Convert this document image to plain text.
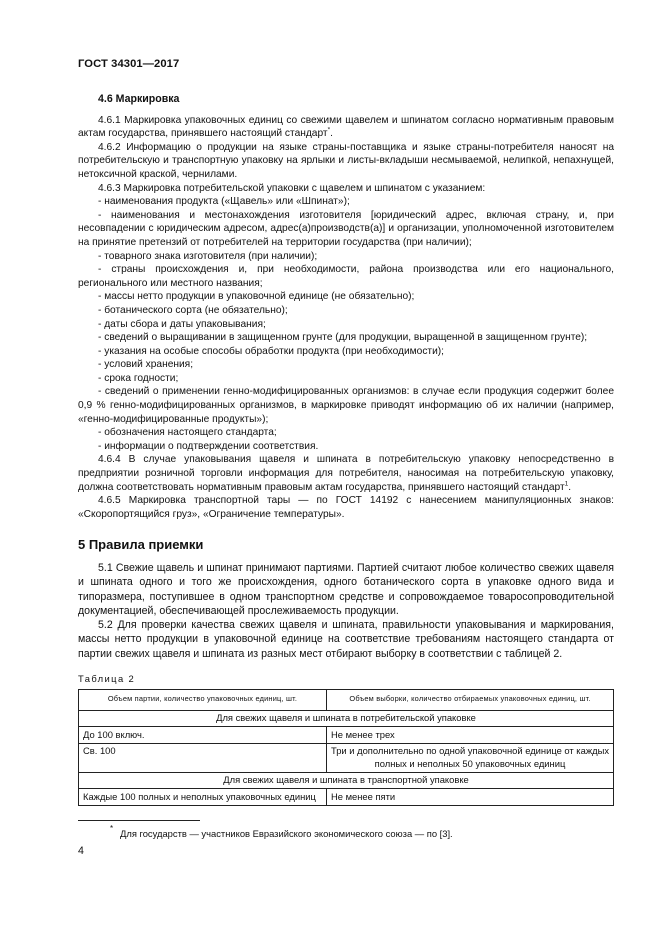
ГОСТ 34301—2017
4.6 Маркировка

4.6.1 Маркировка упаковочных единиц со свежими щавелем и шпинатом согласно нормативным правовым актам государства, принявшего настоящий стандарт*.

4.6.2 Информацию о продукции на языке страны-поставщика и языке страны-потребителя наносят на потребительскую и транспортную упаковку на ярлыки и листы-вкладыши несмываемой, нелипкой, непахнущей, нетоксичной краской, чернилами.

4.6.3 Маркировка потребительской упаковки с щавелем и шпинатом с указанием:

- наименования продукта («Щавель» или «Шпинат»);

- наименования и местонахождения изготовителя [юридический адрес, включая страну, и, при несовпадении с юридическим адресом, адрес(а)производств(а)] и организации, уполномоченной изготовителем на принятие претензий от потребителей на территории государства (при наличии);

- товарного знака изготовителя (при наличии);

- страны происхождения и, при необходимости, района производства или его национального, регионального или местного названия;

- массы нетто продукции в упаковочной единице (не обязательно);

- ботанического сорта (не обязательно);

- даты сбора и даты упаковывания;

- сведений о выращивании в защищенном грунте (для продукции, выращенной в защищенном грунте);

- указания на особые способы обработки продукта (при необходимости);

- условий хранения;

- срока годности;

- сведений о применении генно-модифицированных организмов: в случае если продукция содержит более 0,9 % генно-модифицированных организмов, в маркировке приводят информацию об их наличии (например, «генно-модифицированные продукты»);

- обозначения настоящего стандарта;

- информации о подтверждении соответствия.

4.6.4 В случае упаковывания щавеля и шпината в потребительскую упаковку непосредственно в предприятии розничной торговли информация для потребителя, наносимая на потребительскую упаковку, должна соответствовать нормативным правовым актам государства, принявшего настоящий стандарт$^1$.

4.6.5 Маркировка транспортной тары — по ГОСТ 14192 с нанесением манипуляционных знаков: «Скоропортящийся груз», «Ограничение температуры».

5 Правила приемки

5.1 Свежие щавель и шпинат принимают партиями. Партией считают любое количество свежих щавеля и шпината одного и того же происхождения, одного ботанического сорта в упаковке одного вида и типоразмера, поступившее в одном транспортном средстве и сопровождаемое товаросопроводительной документацией, обеспечивающей прослеживаемость продукции.

5.2 Для проверки качества свежих щавеля и шпината, правильности упаковывания и маркирования, массы нетто продукции в упаковочной единице на соответствие требованиям настоящего стандарта от партии свежих щавеля и шпината из разных мест отбирают выборку в соответствии с таблицей 2.

Таблица 2
Объем партии, количество упаковочных единиц, шт.	Объем выборки, количество отбираемых упаковочных единиц, шт.
Для свежих щавеля и шпината в потребительской упаковке	
До 100 включ.	Не менее трех
Св. 100	Три и дополнительно по одной упаковочной единице от каждых полных и неполных 50 упаковочных единиц
Для свежих щавеля и шпината в транспортной упаковке	
Каждые 100 полных и неполных упаковочных единиц	Не менее пяти
* Для государств — участников Евразийского экономического союза — по [3].
4
